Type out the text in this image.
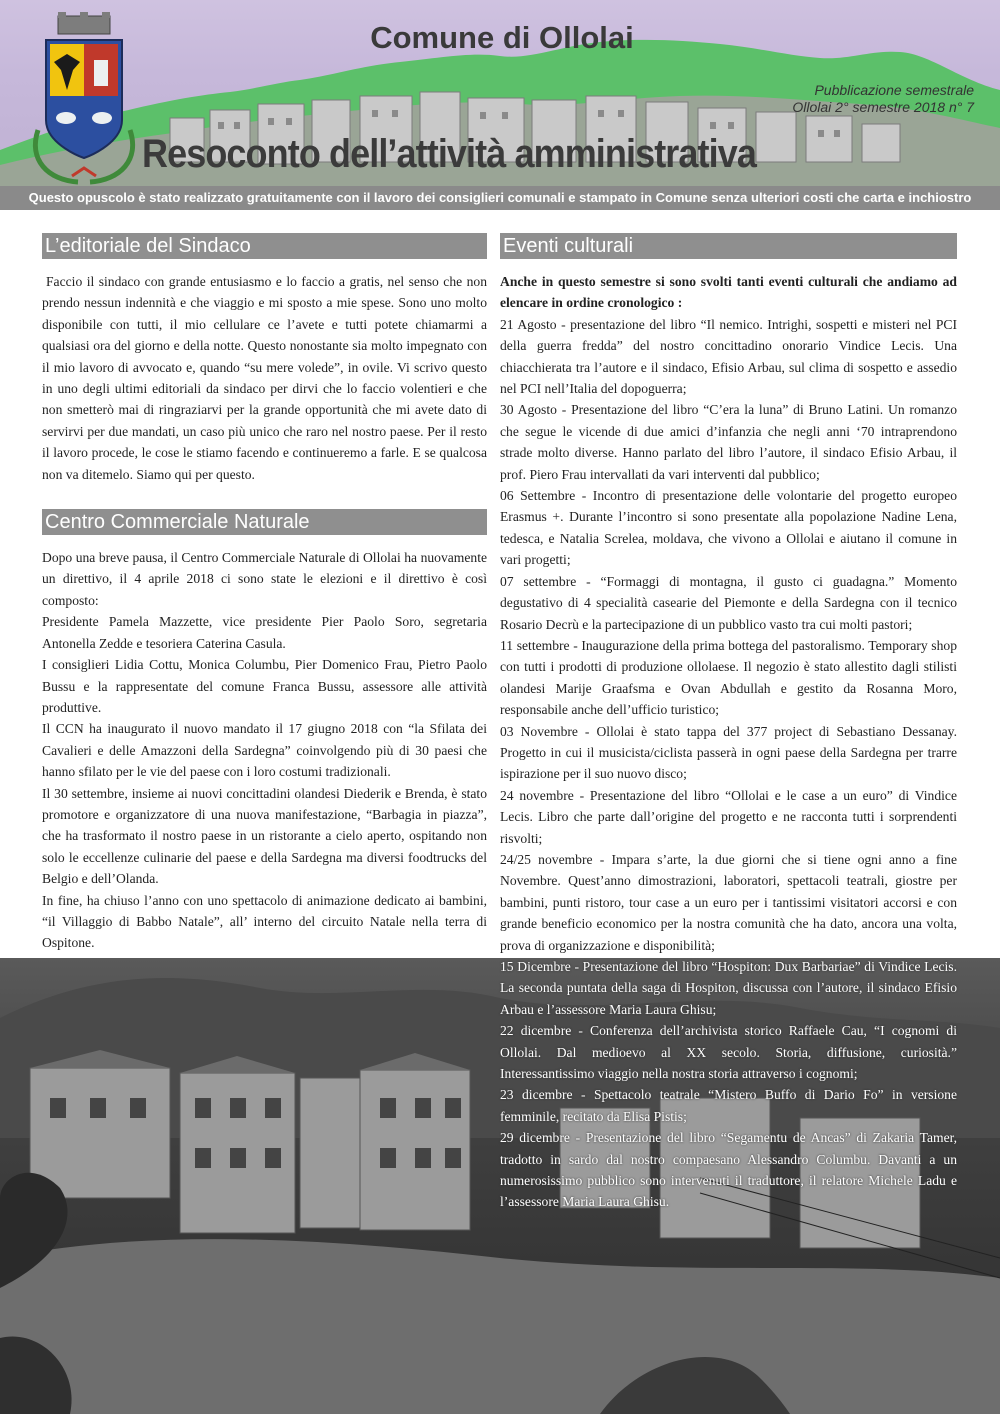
Comune di Ollolai
Pubblicazione semestrale
Ollolai 2° semestre 2018 n° 7
Resoconto dell’attività amministrativa
Questo opuscolo è stato realizzato gratuitamente con il lavoro dei consiglieri comunali e stampato in Comune senza ulteriori costi che carta e inchiostro
L’editoriale del Sindaco

Faccio il sindaco con grande entusiasmo e lo faccio a gratis, nel senso che non prendo nessun indennità e che viaggio e mi sposto a mie spese. Sono uno molto disponibile con tutti, il mio cellulare ce l’avete e tutti potete chiamarmi a qualsiasi ora del giorno e della notte. Questo nonostante sia molto impegnato con il mio lavoro di avvocato e, quando “su mere volede”, in ovile. Vi scrivo questo in uno degli ultimi editoriali da sindaco per dirvi che lo faccio volentieri e che non smetterò mai di ringraziarvi per la grande opportunità che mi avete dato di servirvi per due mandati, un caso più unico che raro nel nostro paese. Per il resto il lavoro procede, le cose le stiamo facendo e continueremo a farle. E se qualcosa non va ditemelo. Siamo qui per questo.

Centro Commerciale Naturale

Dopo una breve pausa, il Centro Commerciale Naturale di Ollolai ha nuovamente un direttivo, il 4 aprile 2018 ci sono state le elezioni e il direttivo è così composto:

Presidente Pamela Mazzette, vice presidente Pier Paolo Soro, segretaria Antonella Zedde e tesoriera Caterina Casula.

I consiglieri Lidia Cottu, Monica Columbu, Pier Domenico Frau, Pietro Paolo Bussu e la rappresentate del comune Franca Bussu, assessore alle attività produttive.

Il CCN ha inaugurato il nuovo mandato il 17 giugno 2018 con “la Sfilata dei Cavalieri e delle Amazzoni della Sardegna” coinvolgendo più di 30 paesi che hanno sfilato per le vie del paese con i loro costumi tradizionali.

Il 30 settembre, insieme ai nuovi concittadini olandesi Diederik e Brenda, è stato promotore e organizzatore di una nuova manifestazione, “Barbagia in piazza”, che ha trasformato il nostro paese in un ristorante a cielo aperto, ospitando non solo le eccellenze culinarie del paese e della Sardegna ma diversi foodtrucks del Belgio e dell’Olanda.

In fine, ha chiuso l’anno con uno spettacolo di animazione dedicato ai bambini, “il Villaggio di Babbo Natale”, all’ interno del circuito Natale nella terra di Ospitone.

Eventi culturali

Anche in questo semestre si sono svolti tanti eventi culturali che andiamo ad elencare in ordine cronologico :

21 Agosto - presentazione del libro “Il nemico. Intrighi, sospetti e misteri nel PCI della guerra fredda” del nostro concittadino onorario Vindice Lecis. Una chiacchierata tra l’autore e il sindaco, Efisio Arbau, sul clima di sospetto e assedio nel PCI nell’Italia del dopoguerra;

30 Agosto - Presentazione del libro “C’era la luna” di Bruno Latini. Un romanzo che segue le vicende di due amici d’infanzia che negli anni ‘70 intraprendono strade molto diverse. Hanno parlato del libro l’autore, il sindaco Efisio Arbau, il prof. Piero Frau intervallati da vari interventi dal pubblico;

06 Settembre - Incontro di presentazione delle volontarie del progetto europeo Erasmus +. Durante l’incontro si sono presentate alla popolazione Nadine Lena, tedesca, e Natalia Screlea, moldava, che vivono a Ollolai e aiutano il comune in vari progetti;

07 settembre - “Formaggi di montagna, il gusto ci guadagna.” Momento degustativo di 4 specialità casearie del Piemonte e della Sardegna con il tecnico Rosario Decrù e la partecipazione di un pubblico vasto tra cui molti pastori;

11 settembre - Inaugurazione della prima bottega del pastoralismo. Temporary shop con tutti i prodotti di produzione ollolaese. Il negozio è stato allestito dagli stilisti olandesi Marije Graafsma e Ovan Abdullah e gestito da Rosanna Moro, responsabile anche dell’ufficio turistico;

03 Novembre - Ollolai è stato tappa del 377 project di Sebastiano Dessanay. Progetto in cui il musicista/ciclista passerà in ogni paese della Sardegna per trarre ispirazione per il suo nuovo disco;

24 novembre - Presentazione del libro “Ollolai e le case a un euro” di Vindice Lecis. Libro che parte dall’origine del progetto e ne racconta tutti i sorprendenti risvolti;

24/25 novembre - Impara s’arte, la due giorni che si tiene ogni anno a fine Novembre. Quest’anno dimostrazioni, laboratori, spettacoli teatrali, giostre per bambini, punti ristoro, tour case a un euro per i tantissimi visitatori accorsi e con grande beneficio economico per la nostra comunità che ha dato, ancora una volta, prova di organizzazione e disponibilità;

15 Dicembre - Presentazione del libro “Hospiton: Dux Barbariae” di Vindice Lecis. La seconda puntata della saga di Hospiton, discussa con l’autore, il sindaco Efisio Arbau e l’assessore Maria Laura Ghisu;

22 dicembre - Conferenza dell’archivista storico Raffaele Cau, “I cognomi di Ollolai. Dal medioevo al XX secolo. Storia, diffusione, curiosità.” Interessantissimo viaggio nella nostra storia attraverso i cognomi;

23 dicembre - Spettacolo teatrale “Mistero Buffo di Dario Fo” in versione femminile, recitato da Elisa Pistis;

29 dicembre - Presentazione del libro “Segamentu de Ancas” di Zakaria Tamer, tradotto in sardo dal nostro compaesano Alessandro Columbu. Davanti a un numerosissimo pubblico sono intervenuti il traduttore, il relatore Michele Ladu e l’assessore Maria Laura Ghisu.
